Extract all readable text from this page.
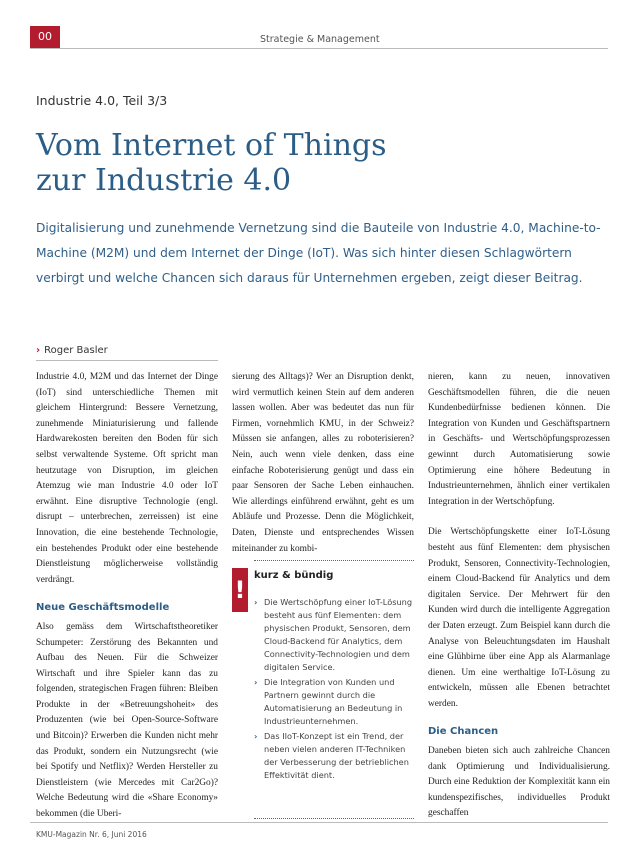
00	Strategie & Management
Industrie 4.0, Teil 3/3
Vom Internet of Things
zur Industrie 4.0

Digitalisierung und zunehmende Vernetzung sind die Bauteile von Industrie 4.0, Machine-to-Machine (M2M) und dem Internet der Dinge (IoT). Was sich hinter diesen Schlagwörtern verbirgt und welche Chancen sich daraus für Unternehmen ergeben, zeigt dieser Beitrag.

› Roger Basler

Industrie 4.0, M2M und das Internet der Dinge (IoT) sind unterschiedliche Themen mit gleichem Hintergrund: Bessere Vernetzung, zunehmende Miniaturisierung und fallende Hardwarekosten bereiten den Boden für sich selbst verwaltende Systeme. Oft spricht man heutzutage von Disruption, im gleichen Atemzug wie man Industrie 4.0 oder IoT erwähnt. Eine disruptive Technologie (engl. disrupt – unterbrechen, zerreissen) ist eine Innovation, die eine bestehende Technologie, ein bestehendes Produkt oder eine bestehende Dienstleistung möglicherweise vollständig verdrängt.

Neue Geschäftsmodelle

Also gemäss dem Wirtschaftstheoretiker Schumpeter: Zerstörung des Bekannten und Aufbau des Neuen. Für die Schweizer Wirtschaft und ihre Spieler kann das zu folgenden, strategischen Fragen führen: Bleiben Produkte in der «Betreuungshoheit» des Produzenten (wie bei Open-Source-Software und Bitcoin)? Erwerben die Kunden nicht mehr das Produkt, sondern ein Nutzungsrecht (wie bei Spotify und Netflix)? Werden Hersteller zu Dienstleistern (wie Mercedes mit Car2Go)? Welche Bedeutung wird die «Share Economy» bekommen (die Uberi-

sierung des Alltags)? Wer an Disruption denkt, wird vermutlich keinen Stein auf dem anderen lassen wollen. Aber was bedeutet das nun für Firmen, vornehmlich KMU, in der Schweiz? Müssen sie anfangen, alles zu roboterisieren? Nein, auch wenn viele denken, dass eine einfache Roboterisierung genügt und dass ein paar Sensoren der Sache Leben einhauchen. Wie allerdings einführend erwähnt, geht es um Abläufe und Prozesse. Denn die Möglichkeit, Daten, Dienste und entsprechendes Wissen miteinander zu kombi-

!
kurz & bündig
› Die Wertschöpfung einer IoT-Lösung besteht aus fünf Elementen: dem physischen Produkt, Sensoren, dem Cloud-Backend für Analytics, dem Connectivity-Technologien und dem digitalen Service.
› Die Integration von Kunden und Partnern gewinnt durch die Automatisierung an Bedeutung in Industrieunternehmen.
› Das IIoT-Konzept ist ein Trend, der neben vielen anderen IT-Techniken der Verbesserung der betrieblichen Effektivität dient.

nieren, kann zu neuen, innovativen Geschäftsmodellen führen, die die neuen Kundenbedürfnisse bedienen können. Die Integration von Kunden und Geschäftspartnern in Geschäfts- und Wertschöpfungsprozessen gewinnt durch Automatisierung sowie Optimierung eine höhere Bedeutung in Industrieunternehmen, ähnlich einer vertikalen Integration in der Wertschöpfung.

Die Wertschöpfungskette einer IoT-Lösung besteht aus fünf Elementen: dem physischen Produkt, Sensoren, Connectivity-Technologien, einem Cloud-Backend für Analytics und dem digitalen Service. Der Mehrwert für den Kunden wird durch die intelligente Aggregation der Daten erzeugt. Zum Beispiel kann durch die Analyse von Beleuchtungsdaten im Haushalt eine Glühbirne über eine App als Alarmanlage dienen. Um eine werthaltige IoT-Lösung zu entwickeln, müssen alle Ebenen betrachtet werden.

Die Chancen

Daneben bieten sich auch zahlreiche Chancen dank Optimierung und Individualisierung. Durch eine Reduktion der Komplexität kann ein kundenspezifisches, individuelles Produkt geschaffen

KMU-Magazin Nr. 6, Juni 2016
